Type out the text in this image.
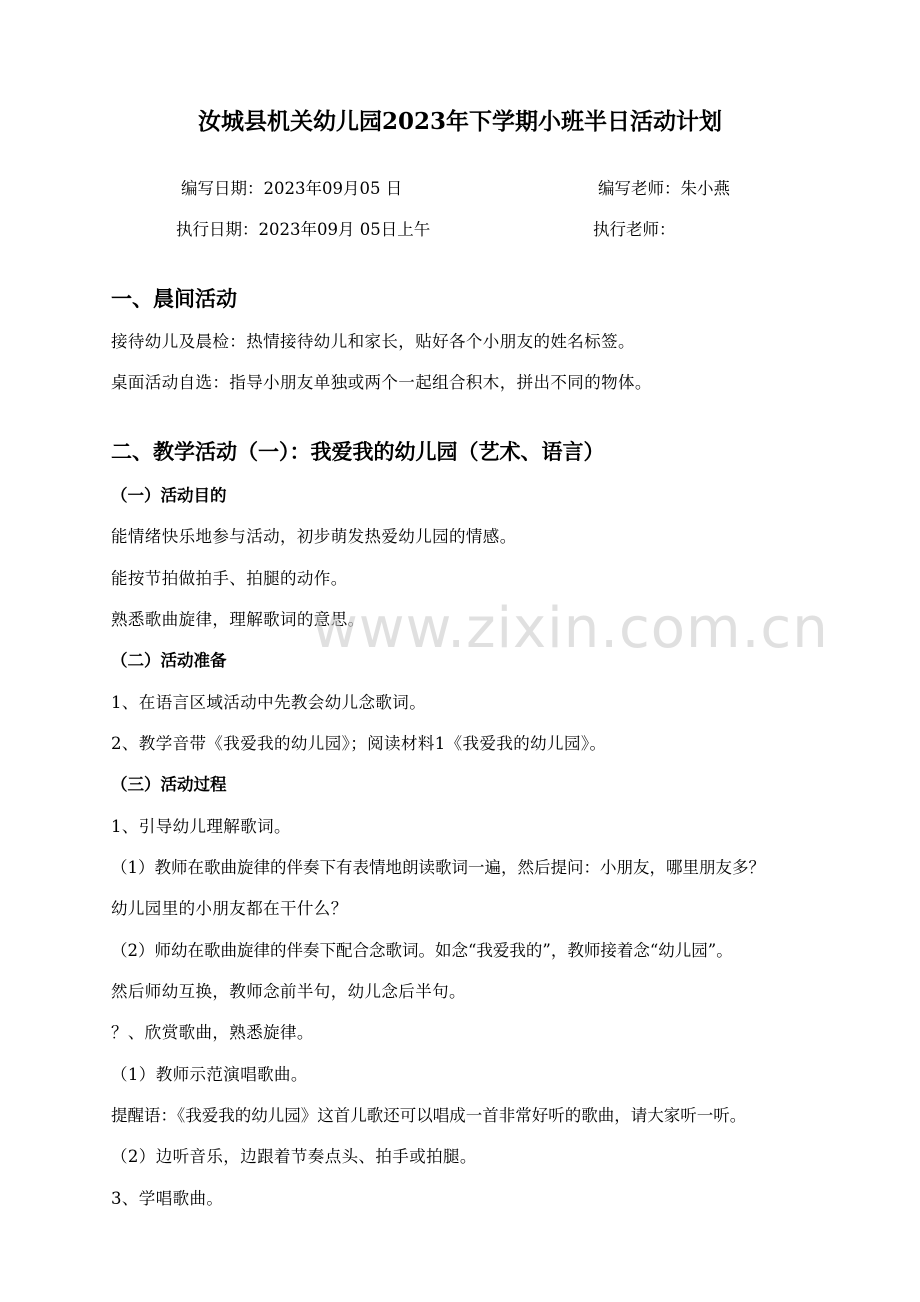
汝城县机关幼儿园2023年下学期小班半日活动计划
编写日期：2023年09月05 日	编写老师：朱小燕
执行日期：2023年09月 05日上午	执行老师：
一、晨间活动
接待幼儿及晨检：热情接待幼儿和家长，贴好各个小朋友的姓名标签。
桌面活动自选：指导小朋友单独或两个一起组合积木，拼出不同的物体。
二、教学活动（一）：我爱我的幼儿园（艺术、语言）
（一）活动目的
能情绪快乐地参与活动，初步萌发热爱幼儿园的情感。
能按节拍做拍手、拍腿的动作。
熟悉歌曲旋律，理解歌词的意思。
（二）活动准备
1、在语言区域活动中先教会幼儿念歌词。
2、教学音带《我爱我的幼儿园》；阅读材料1《我爱我的幼儿园》。
（三）活动过程
1、引导幼儿理解歌词。
（1）教师在歌曲旋律的伴奏下有表情地朗读歌词一遍，然后提问：小朋友，哪里朋友多？
幼儿园里的小朋友都在干什么？
（2）师幼在歌曲旋律的伴奏下配合念歌词。如念“我爱我的”，教师接着念“幼儿园”。
然后师幼互换，教师念前半句，幼儿念后半句。
？、欣赏歌曲，熟悉旋律。
（1）教师示范演唱歌曲。
提醒语：《我爱我的幼儿园》这首儿歌还可以唱成一首非常好听的歌曲，请大家听一听。
（2）边听音乐，边跟着节奏点头、拍手或拍腿。
3、学唱歌曲。
www.zixin.com.cn
